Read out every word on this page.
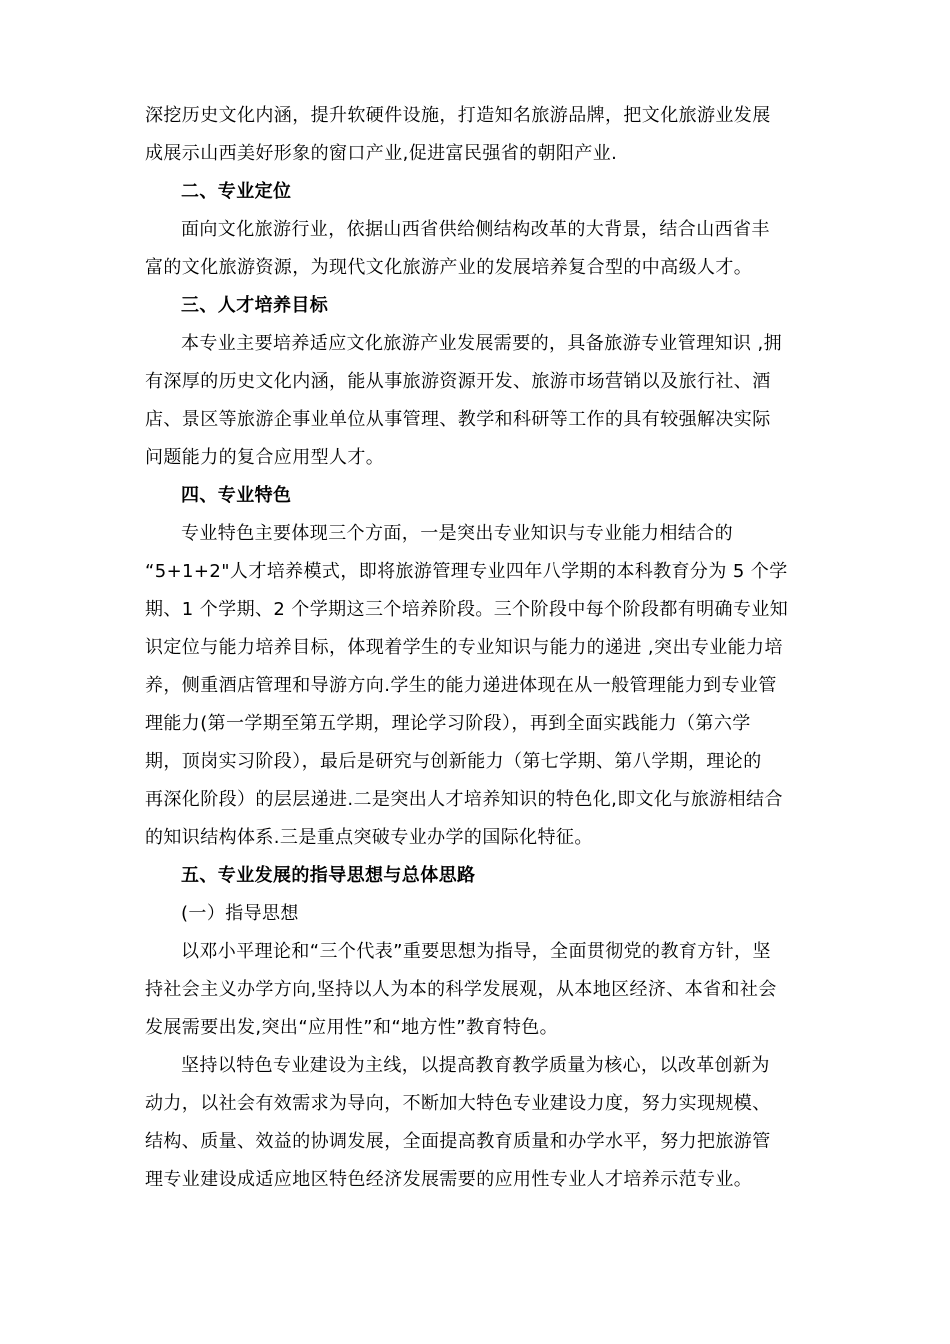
深挖历史文化内涵，提升软硬件设施，打造知名旅游品牌，把文化旅游业发展
成展示山西美好形象的窗口产业,促进富民强省的朝阳产业.
二、专业定位
面向文化旅游行业，依据山西省供给侧结构改革的大背景，结合山西省丰
富的文化旅游资源，为现代文化旅游产业的发展培养复合型的中高级人才。
三、人才培养目标
本专业主要培养适应文化旅游产业发展需要的，具备旅游专业管理知识 ,拥
有深厚的历史文化内涵，能从事旅游资源开发、旅游市场营销以及旅行社、酒
店、景区等旅游企事业单位从事管理、教学和科研等工作的具有较强解决实际
问题能力的复合应用型人才。
四、专业特色
专业特色主要体现三个方面，一是突出专业知识与专业能力相结合的
“5+1+2"人才培养模式，即将旅游管理专业四年八学期的本科教育分为 5 个学
期、1 个学期、2 个学期这三个培养阶段。三个阶段中每个阶段都有明确专业知
识定位与能力培养目标，体现着学生的专业知识与能力的递进 ,突出专业能力培
养，侧重酒店管理和导游方向.学生的能力递进体现在从一般管理能力到专业管
理能力(第一学期至第五学期，理论学习阶段），再到全面实践能力（第六学
期，顶岗实习阶段），最后是研究与创新能力（第七学期、第八学期，理论的
再深化阶段）的层层递进.二是突出人才培养知识的特色化,即文化与旅游相结合
的知识结构体系.三是重点突破专业办学的国际化特征。
五、专业发展的指导思想与总体思路
(一）指导思想
以邓小平理论和“三个代表”重要思想为指导，全面贯彻党的教育方针，坚
持社会主义办学方向,坚持以人为本的科学发展观，从本地区经济、本省和社会
发展需要出发,突出“应用性”和“地方性”教育特色。
坚持以特色专业建设为主线，以提高教育教学质量为核心，以改革创新为
动力，以社会有效需求为导向，不断加大特色专业建设力度，努力实现规模、
结构、质量、效益的协调发展，全面提高教育质量和办学水平，努力把旅游管
理专业建设成适应地区特色经济发展需要的应用性专业人才培养示范专业。
